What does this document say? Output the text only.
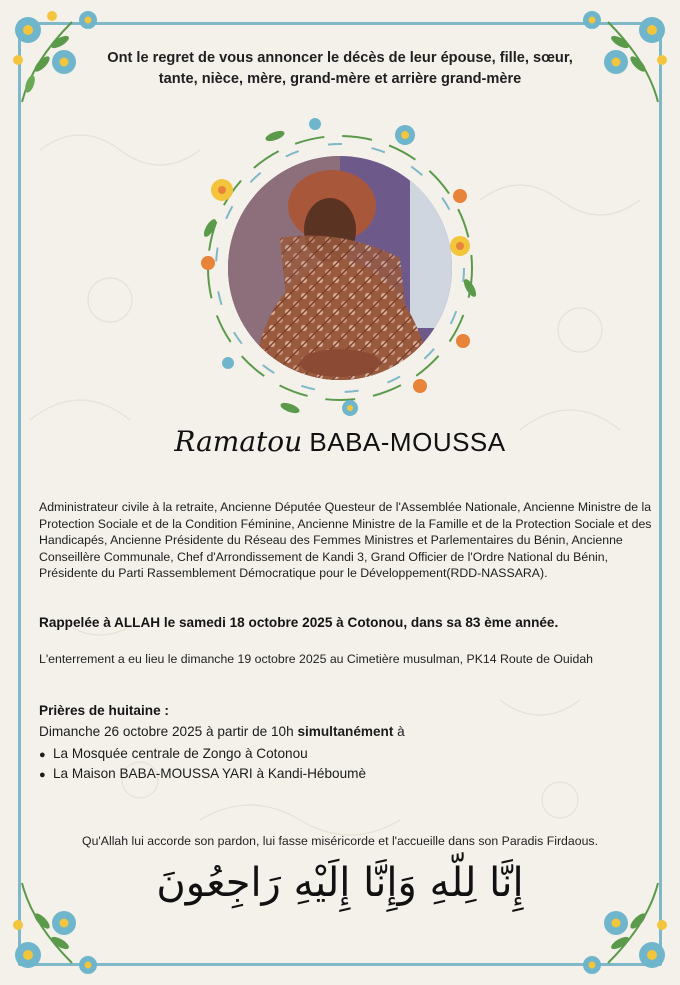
Ont le regret de vous annoncer le décès de leur épouse, fille, sœur,
tante, nièce, mère, grand-mère et arrière grand-mère
Ramatou BABA-MOUSSA
Administrateur civile à la retraite, Ancienne Députée Questeur de l'Assemblée Nationale, Ancienne Ministre de la Protection Sociale et de la Condition Féminine, Ancienne Ministre de la Famille et de la Protection Sociale et des Handicapés, Ancienne Présidente du Réseau des Femmes Ministres et Parlementaires du Bénin, Ancienne Conseillère Communale, Chef d'Arrondissement de Kandi 3, Grand Officier de l'Ordre National du Bénin, Présidente du Parti Rassemblement Démocratique pour le Développement(RDD-NASSARA).
Rappelée à ALLAH le samedi 18 octobre 2025 à Cotonou, dans sa 83 ème année.
L'enterrement a eu lieu le dimanche 19 octobre 2025 au Cimetière musulman, PK14 Route de Ouidah
Prières de huitaine :
Dimanche 26 octobre 2025 à partir de 10h simultanément à
● La Mosquée centrale de Zongo à Cotonou
● La Maison BABA-MOUSSA YARI à Kandi-Héboumè
Qu'Allah lui accorde son pardon, lui fasse miséricorde et l'accueille dans son Paradis Firdaous.
إِنَّا لِلّهِ وَإِنَّا إِلَيْهِ رَاجِعُونَ
